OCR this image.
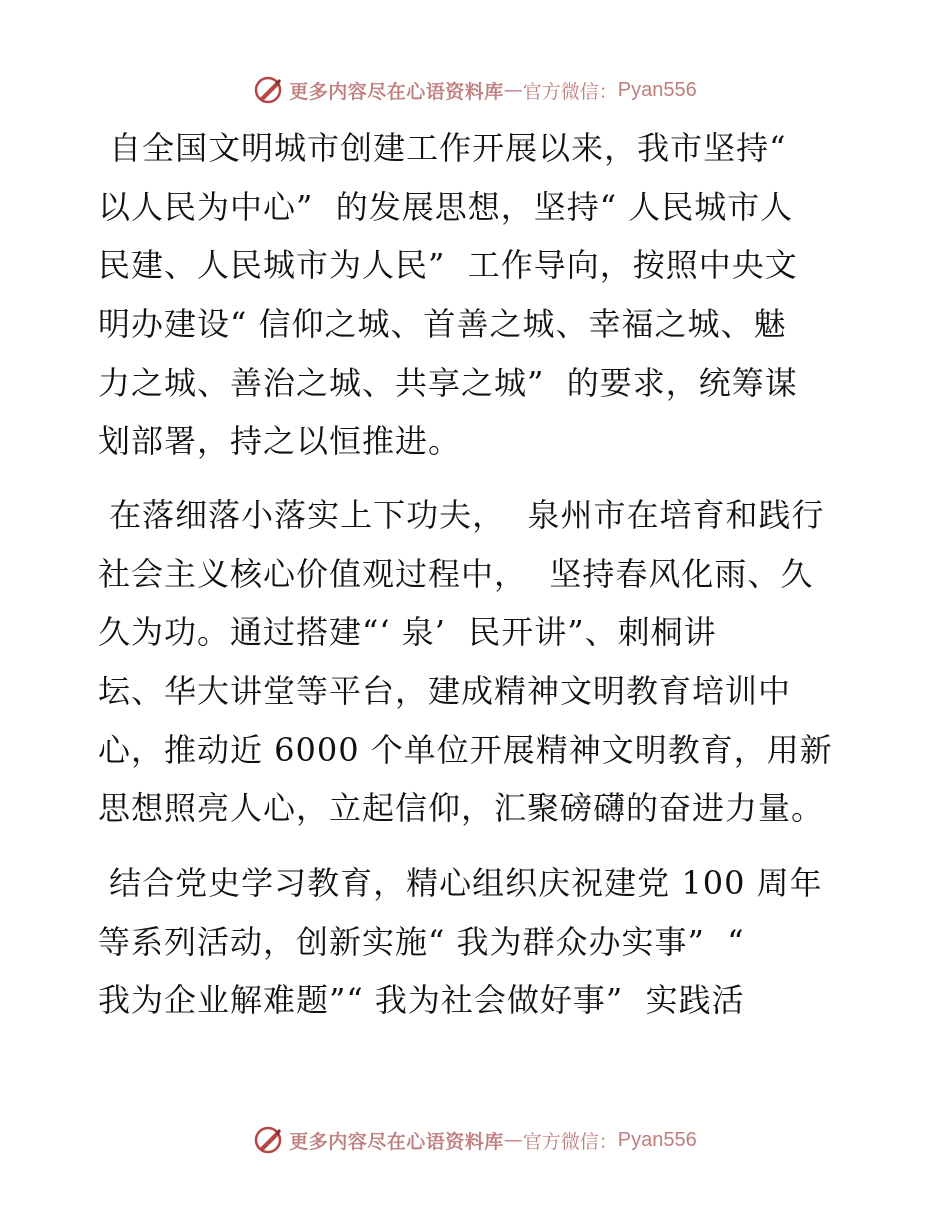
更多内容尽在心语资料库 — 官方微信： Pyan556
自全国文明城市创建工作开展以来，我市坚持“
以人民为中心”  的发展思想，坚持“ 人民城市人
民建、人民城市为人民”  工作导向，按照中央文
明办建设“ 信仰之城、首善之城、幸福之城、魅
力之城、善治之城、共享之城”  的要求，统筹谋
划部署，持之以恒推进。
在落细落小落实上下功夫，  泉州市在培育和践行
社会主义核心价值观过程中，  坚持春风化雨、久
久为功。通过搭建“‘ 泉’  民开讲”、刺桐讲
坛、华大讲堂等平台，建成精神文明教育培训中
心，推动近 6000 个单位开展精神文明教育，用新
思想照亮人心，立起信仰，汇聚磅礴的奋进力量。
结合党史学习教育，精心组织庆祝建党 100 周年
等系列活动，创新实施“ 我为群众办实事”  “
我为企业解难题”“ 我为社会做好事”  实践活
更多内容尽在心语资料库 — 官方微信： Pyan556
